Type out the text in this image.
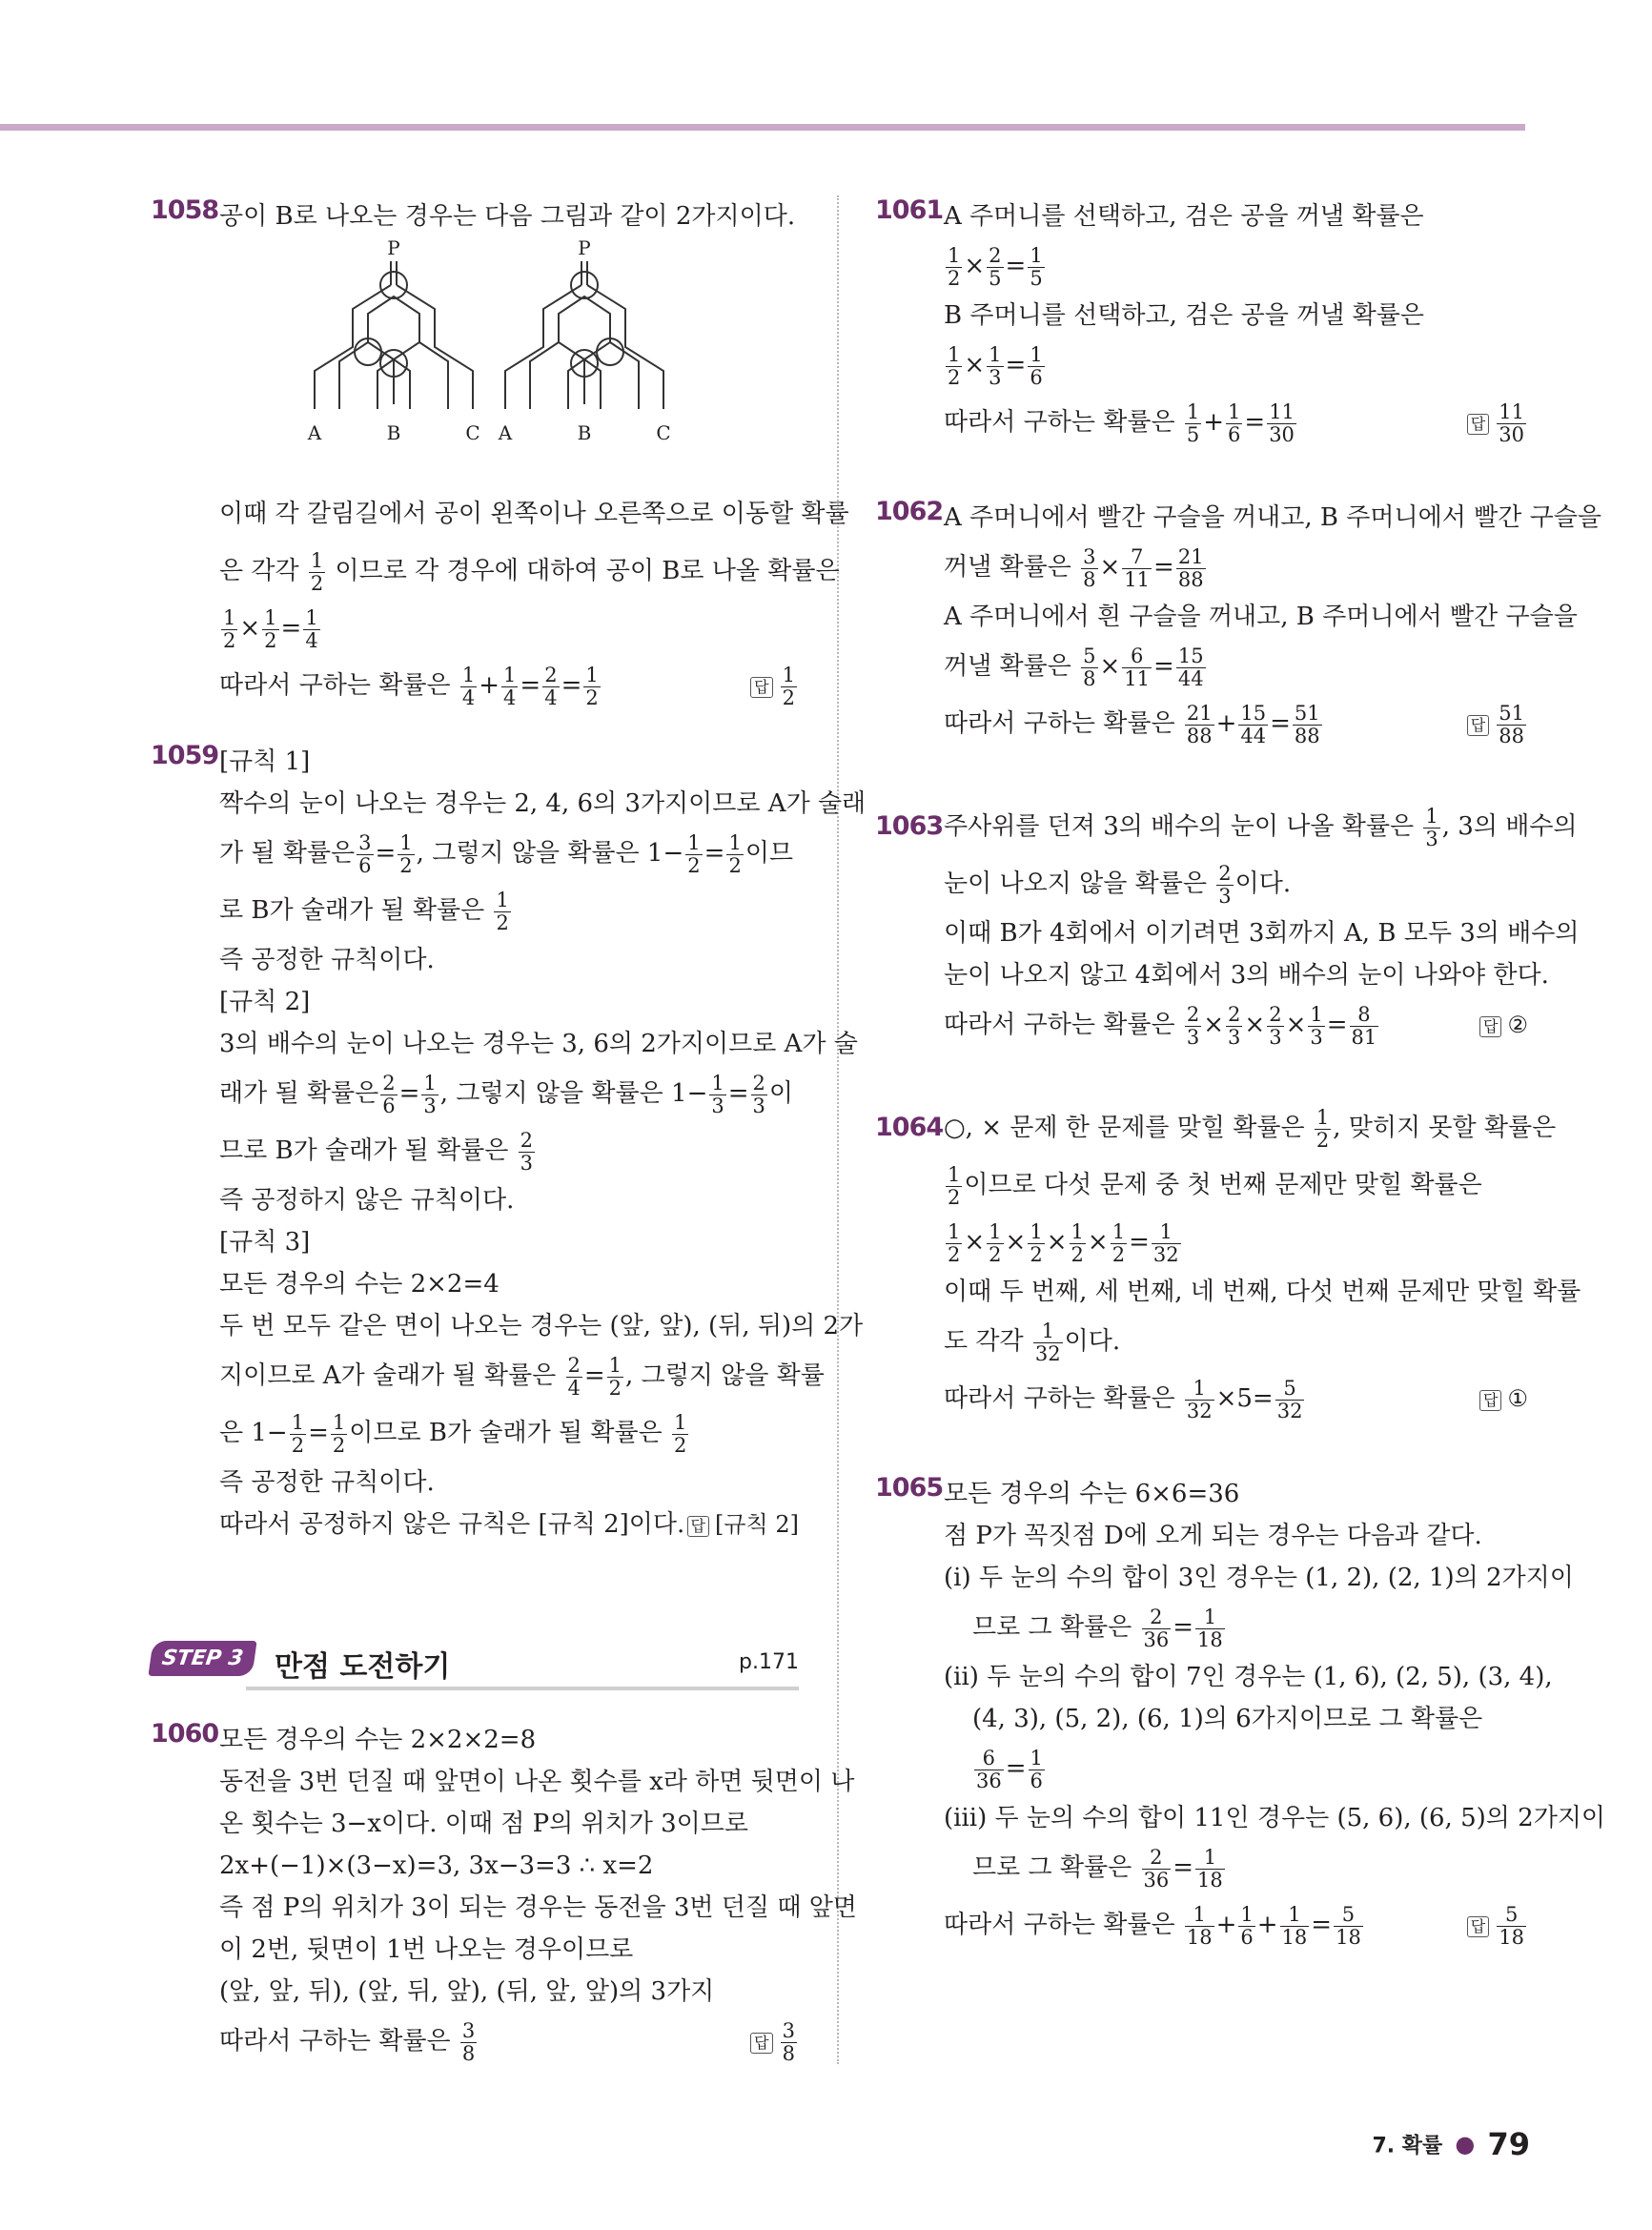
1058 공이 B로 나오는 경우는 다음 그림과 같이 2가지이다.
P	P
A	B	C A	B	C
이때 각 갈림길에서 공이 왼쪽이나 오른쪽으로 이동할 확률
은 각각 $\frac{1}{2}$ 이므로 각 경우에 대하여 공이 B로 나올 확률은
$\frac{1}{2} \times \frac{1}{2} = \frac{1}{4}$
따라서 구하는 확률은 $\frac{1}{4} + \frac{1}{4} = \frac{2}{4} = \frac{1}{2}$	답 $\frac{1}{2}$
1059 [규칙 1]
짝수의 눈이 나오는 경우는 2, 4, 6의 3가지이므로 A가 술래
가 될 확률은 $\frac{3}{6} = \frac{1}{2}$ , 그렇지 않을 확률은 $1- \frac{1}{2} = \frac{1}{2}$ 이므
로 B가 술래가 될 확률은 $\frac{1}{2}$
즉 공정한 규칙이다.
[규칙 2]
3의 배수의 눈이 나오는 경우는 3, 6의 2가지이므로 A가 술
래가 될 확률은 $\frac{2}{6} = \frac{1}{3}$ , 그렇지 않을 확률은 $1- \frac{1}{3} = \frac{2}{3}$ 이
므로 B가 술래가 될 확률은 $\frac{2}{3}$
즉 공정하지 않은 규칙이다.
[규칙 3]
모든 경우의 수는 2×2=4
두 번 모두 같은 면이 나오는 경우는 (앞, 앞), (뒤, 뒤)의 2가
지이므로 A가 술래가 될 확률은 $\frac{2}{4} = \frac{1}{2}$ , 그렇지 않을 확률
은 $1- \frac{1}{2} = \frac{1}{2}$ 이므로 B가 술래가 될 확률은 $\frac{1}{2}$
즉 공정한 규칙이다.
따라서 공정하지 않은 규칙은 [규칙 2]이다. 답 [규칙 2]
STEP 3	만점 도전하기	p.171
1060 모든 경우의 수는 2×2×2=8
동전을 3번 던질 때 앞면이 나온 횟수를 x라 하면 뒷면이 나
온 횟수는 3−x이다. 이때 점 P의 위치가 3이므로
2x+(−1)×(3−x)=3, 3x−3=3 ∴ x=2
즉 점 P의 위치가 3이 되는 경우는 동전을 3번 던질 때 앞면
이 2번, 뒷면이 1번 나오는 경우이므로
(앞, 앞, 뒤), (앞, 뒤, 앞), (뒤, 앞, 앞)의 3가지
따라서 구하는 확률은 $\frac{3}{8}$	답 $\frac{3}{8}$
1061 A 주머니를 선택하고, 검은 공을 꺼낼 확률은
$\frac{1}{2} \times \frac{2}{5} = \frac{1}{5}$
B 주머니를 선택하고, 검은 공을 꺼낼 확률은
$\frac{1}{2} \times \frac{1}{3} = \frac{1}{6}$
따라서 구하는 확률은 $\frac{1}{5} + \frac{1}{6} = \frac{11}{30}$	답 $\frac{11}{30}$
1062 A 주머니에서 빨간 구슬을 꺼내고, B 주머니에서 빨간 구슬을
꺼낼 확률은 $\frac{3}{8} \times \frac{7}{11} = \frac{21}{88}$
A 주머니에서 흰 구슬을 꺼내고, B 주머니에서 빨간 구슬을
꺼낼 확률은 $\frac{5}{8} \times \frac{6}{11} = \frac{15}{44}$
따라서 구하는 확률은 $\frac{21}{88} + \frac{15}{44} = \frac{51}{88}$	답 $\frac{51}{88}$
1063 주사위를 던져 3의 배수의 눈이 나올 확률은 $\frac{1}{3}$ , 3의 배수의
눈이 나오지 않을 확률은 $\frac{2}{3}$ 이다.
이때 B가 4회에서 이기려면 3회까지 A, B 모두 3의 배수의
눈이 나오지 않고 4회에서 3의 배수의 눈이 나와야 한다.
따라서 구하는 확률은 $\frac{2}{3} \times \frac{2}{3} \times \frac{2}{3} \times \frac{1}{3} = \frac{8}{81}$	답 ②
1064 ○, × 문제 한 문제를 맞힐 확률은 $\frac{1}{2}$ , 맞히지 못할 확률은
$\frac{1}{2}$ 이므로 다섯 문제 중 첫 번째 문제만 맞힐 확률은
$\frac{1}{2} \times \frac{1}{2} \times \frac{1}{2} \times \frac{1}{2} \times \frac{1}{2} = \frac{1}{32}$
이때 두 번째, 세 번째, 네 번째, 다섯 번째 문제만 맞힐 확률
도 각각 $\frac{1}{32}$ 이다.
따라서 구하는 확률은 $\frac{1}{32} \times 5= \frac{5}{32}$	답 ①
1065 모든 경우의 수는 6×6=36
점 P가 꼭짓점 D에 오게 되는 경우는 다음과 같다.
(ⅰ) 두 눈의 수의 합이 3인 경우는 (1, 2), (2, 1)의 2가지이
므로 그 확률은 $\frac{2}{36} = \frac{1}{18}$
(ⅱ) 두 눈의 수의 합이 7인 경우는 (1, 6), (2, 5), (3, 4),
(4, 3), (5, 2), (6, 1)의 6가지이므로 그 확률은
$\frac{6}{36} = \frac{1}{6}$
(ⅲ) 두 눈의 수의 합이 11인 경우는 (5, 6), (6, 5)의 2가지이
므로 그 확률은 $\frac{2}{36} = \frac{1}{18}$
따라서 구하는 확률은 $\frac{1}{18} + \frac{1}{6} + \frac{1}{18} = \frac{5}{18}$	답 $\frac{5}{18}$
7. 확률 ● 79
